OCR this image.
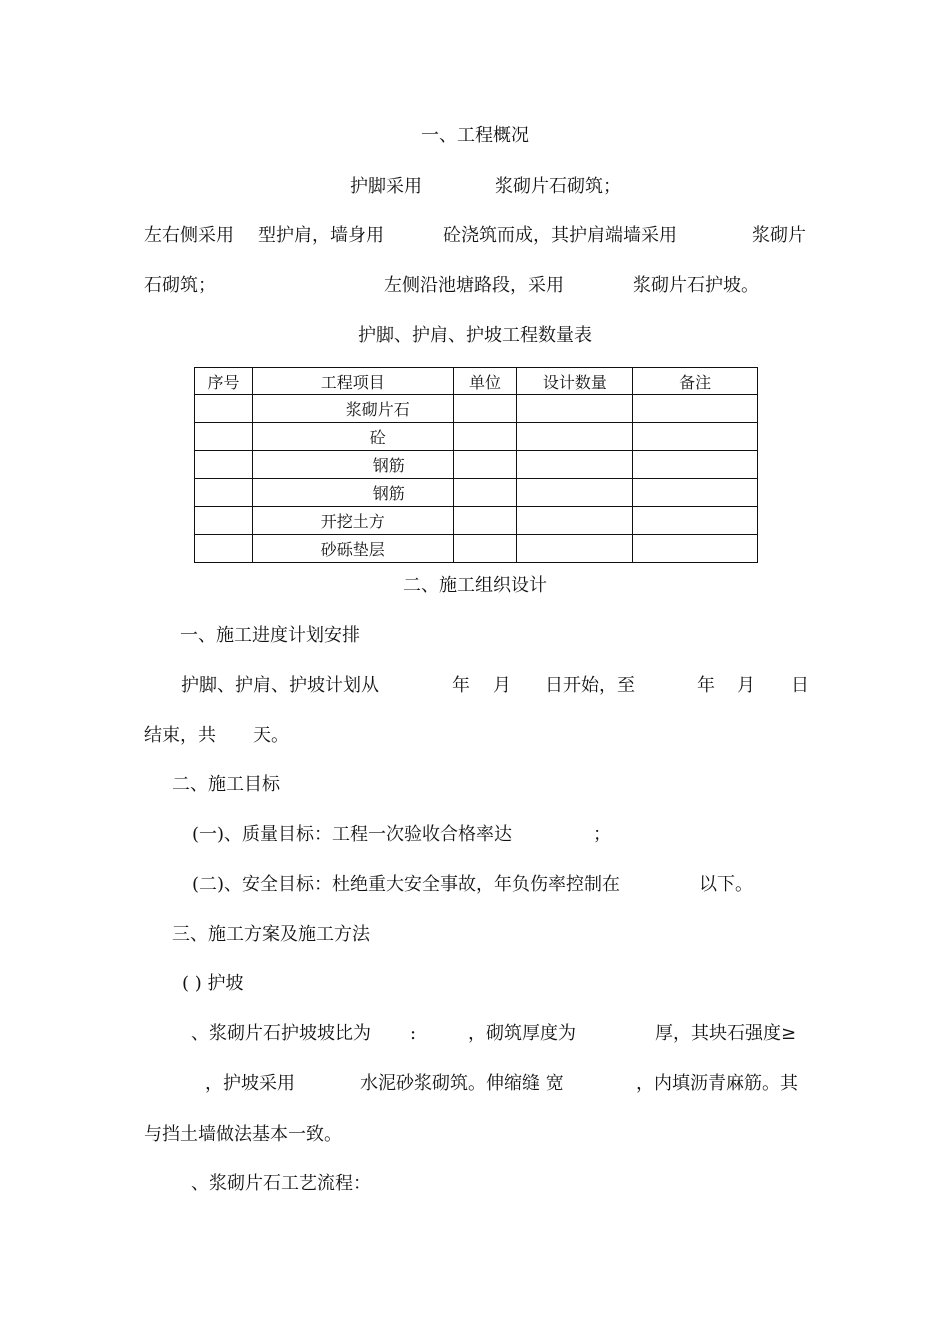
一、工程概况
护脚采用	浆砌片石砌筑；
左右侧采用 型护肩，墙身用	砼浇筑而成，其护肩端墙采用	浆砌片
石砌筑；	左侧沿池塘路段，采用	浆砌片石护坡。
护脚、护肩、护坡工程数量表
序号	工程项目	单位	设计数量	备注
	浆砌片石			
	砼			
	钢筋			
	钢筋			
	开挖土方			
	砂砾垫层			
二、施工组织设计
一、施工进度计划安排
护脚、护肩、护坡计划从	年 月 日开始，至	年 月 日
结束，共 天。
二、施工目标
(一)、质量目标：工程一次验收合格率达	；
(二)、安全目标：杜绝重大安全事故，年负伤率控制在	以下。
三、施工方案及施工方法
( ) 护坡
、浆砌片石护坡坡比为 :	，砌筑厚度为	厚，其块石强度≥
，护坡采用	水泥砂浆砌筑。伸缩缝 宽	，内填沥青麻筋。其
与挡土墙做法基本一致。
、浆砌片石工艺流程：
